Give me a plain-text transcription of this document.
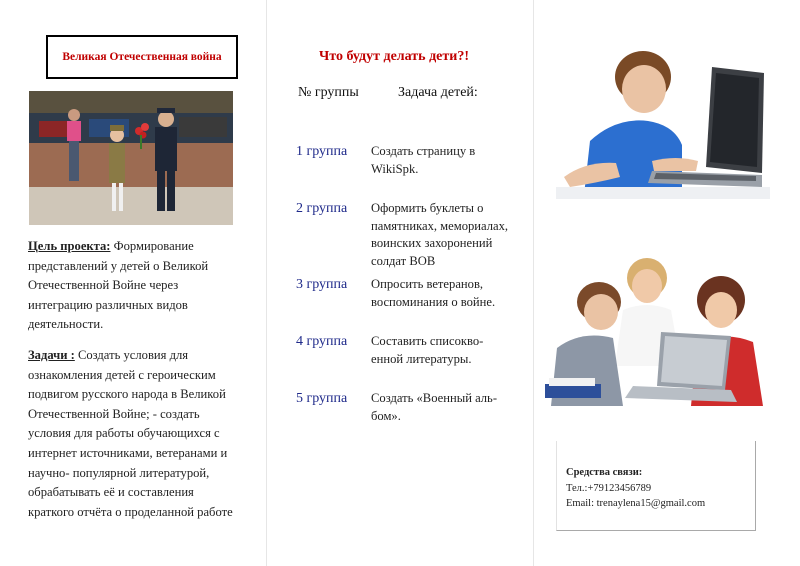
Великая Отечественная война
Цель проекта: Формирование представлений у детей о Великой Отечественной Войне через интеграцию различных видов деятельности.
Задачи : Создать условия для ознакомления детей с героическим подвигом русского народа в Великой Отечественной Войне; - создать условия для работы обучающихся с интернет источниками, ветеранами и научно- популярной литературой, обрабатывать её и составления краткого отчёта о проделанной работе
Что будут делать дети?!
№ группы	Задача детей:
1 группа Создать страницу в WikiSpk.
2 группа Оформить буклеты о памятниках, мемориалах, воинских захоронений солдат ВОВ
3 группа Опросить ветеранов, воспоминания о войне.
4 группа Составить списоквоенной литературы.
5 группа Создать «Военный альбом».
Средства связи:
Тел.:+79123456789
Email: trenaylena15@gmail.com
